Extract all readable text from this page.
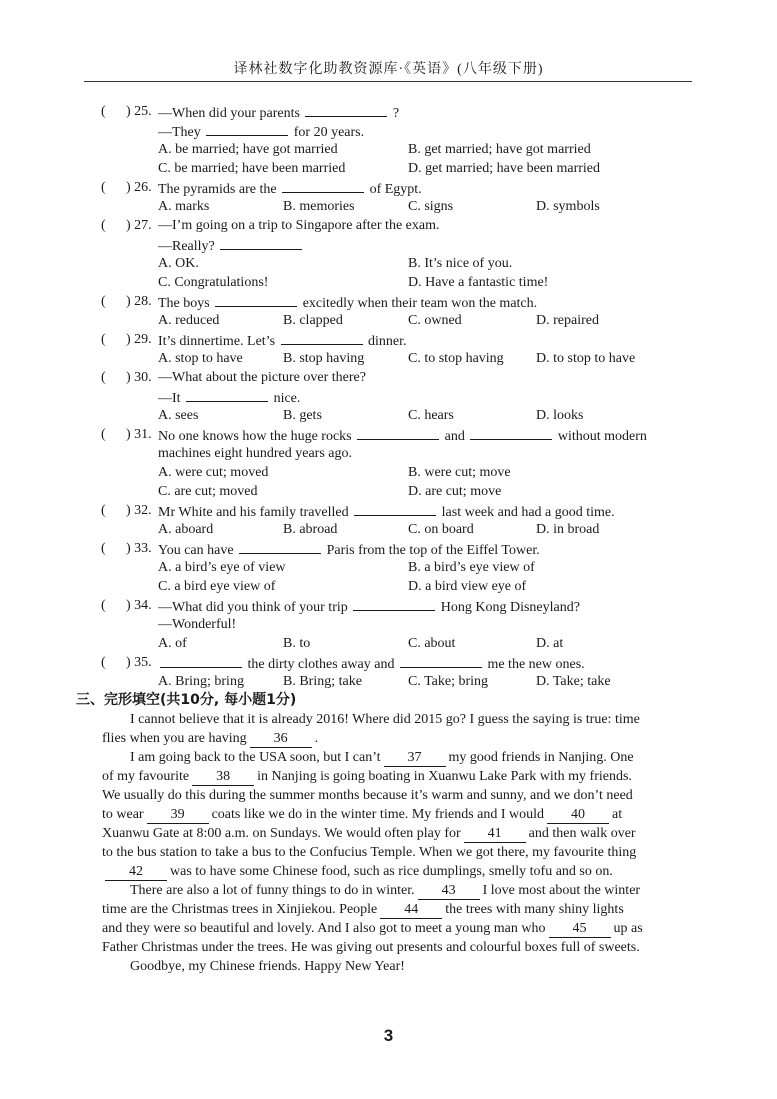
译林社数字化助教资源库·《英语》(八年级下册)
( ) 25. —When did your parents	?
—They	for 20 years.
A. be married; have got married	B. get married; have got married
C. be married; have been married	D. get married; have been married
( ) 26. The pyramids are the	of Egypt.
A. marks	B. memories	C. signs	D. symbols
( ) 27. —I’m going on a trip to Singapore after the exam.
—Really?
A. OK.	B. It’s nice of you.
C. Congratulations!	D. Have a fantastic time!
( ) 28. The boys	excitedly when their team won the match.
A. reduced	B. clapped	C. owned	D. repaired
( ) 29. It’s dinnertime. Let’s	dinner.
A. stop to have	B. stop having	C. to stop having D. to stop to have
( ) 30. —What about the picture over there?
—It	nice.
A. sees	B. gets	C. hears	D. looks
( ) 31. No one knows how the huge rocks	and	without modern
machines eight hundred years ago.
A. were cut; moved	B. were cut; move
C. are cut; moved	D. are cut; move
( ) 32. Mr White and his family travelled	last week and had a good time.
A. aboard	B. abroad	C. on board	D. in broad
( ) 33. You can have	Paris from the top of the Eiffel Tower.
A. a bird’s eye of view	B. a bird’s eye view of
C. a bird eye view of	D. a bird view eye of
( ) 34. —What did you think of your trip	Hong Kong Disneyland?
—Wonderful!
A. of	B. to	C. about	D. at
( ) 35.	the dirty clothes away and	me the new ones.
A. Bring; bring	B. Bring; take	C. Take; bring	D. Take; take
三、完形填空(共10分, 每小题1分)
I cannot believe that it is already 2016! Where did 2015 go? I guess the saying is true: time
flies when you are having 36 .
I am going back to the USA soon, but I can’t 37 my good friends in Nanjing. One
of my favourite 38 in Nanjing is going boating in Xuanwu Lake Park with my friends.
We usually do this during the summer months because it’s warm and sunny, and we don’t need
to wear 39 coats like we do in the winter time. My friends and I would 40 at
Xuanwu Gate at 8:00 a.m. on Sundays. We would often play for 41 and then walk over
to the bus station to take a bus to the Confucius Temple. When we got there, my favourite thing
42 was to have some Chinese food, such as rice dumplings, smelly tofu and so on.
There are also a lot of funny things to do in winter. 43 I love most about the winter
time are the Christmas trees in Xinjiekou. People 44 the trees with many shiny lights
and they were so beautiful and lovely. And I also got to meet a young man who 45 up as
Father Christmas under the trees. He was giving out presents and colourful boxes full of sweets.
Goodbye, my Chinese friends. Happy New Year!
3
